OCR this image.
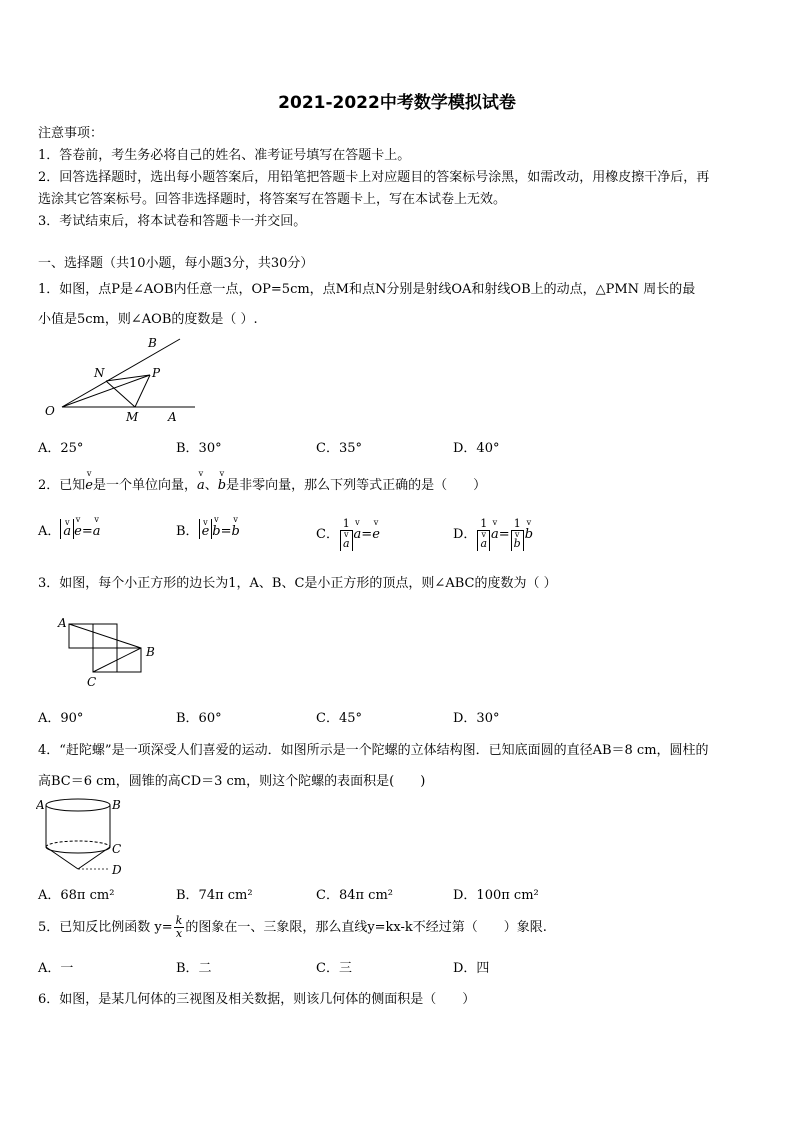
2021-2022中考数学模拟试卷
注意事项：
1．答卷前，考生务必将自己的姓名、准考证号填写在答题卡上。
2．回答选择题时，选出每小题答案后，用铅笔把答题卡上对应题目的答案标号涂黑，如需改动，用橡皮擦干净后，再
选涂其它答案标号。回答非选择题时，将答案写在答题卡上，写在本试卷上无效。
3．考试结束后，将本试卷和答题卡一并交回。
一、选择题（共10小题，每小题3分，共30分）
1．如图，点P是∠AOB内任意一点，OP=5cm，点M和点N分别是射线OA和射线OB上的动点，△PMN 周长的最
小值是5cm，则∠AOB的度数是（ ）.
B
N	P
O	M A
A．25°	B．30°	C．35°	D．40°
2．已知v e是一个单位向量，v a、v b是非零向量，那么下列等式正确的是（　　）
A． v a v e=v a	B． v e v b=v b	C． 1
v a v a=v e	D． 1
v a v a= 1
v b v b
3．如图，每个小正方形的边长为1，A、B、C是小正方形的顶点，则∠ABC的度数为（ ）
A
B
C
A．90°	B．60°	C．45°	D．30°
4．“赶陀螺”是一项深受人们喜爱的运动．如图所示是一个陀螺的立体结构图．已知底面圆的直径AB＝8 cm，圆柱的
高BC＝6 cm，圆锥的高CD＝3 cm，则这个陀螺的表面积是(　　)
A	B
C
D
A．68π cm²	B．74π cm²	C．84π cm²	D．100π cm²
5．已知反比例函数 $y= \frac{k}{x}$ 的图象在一、三象限，那么直线y=kx-k不经过第（　　）象限.
A．一	B．二	C．三	D．四
6．如图，是某几何体的三视图及相关数据，则该几何体的侧面积是（　　）
